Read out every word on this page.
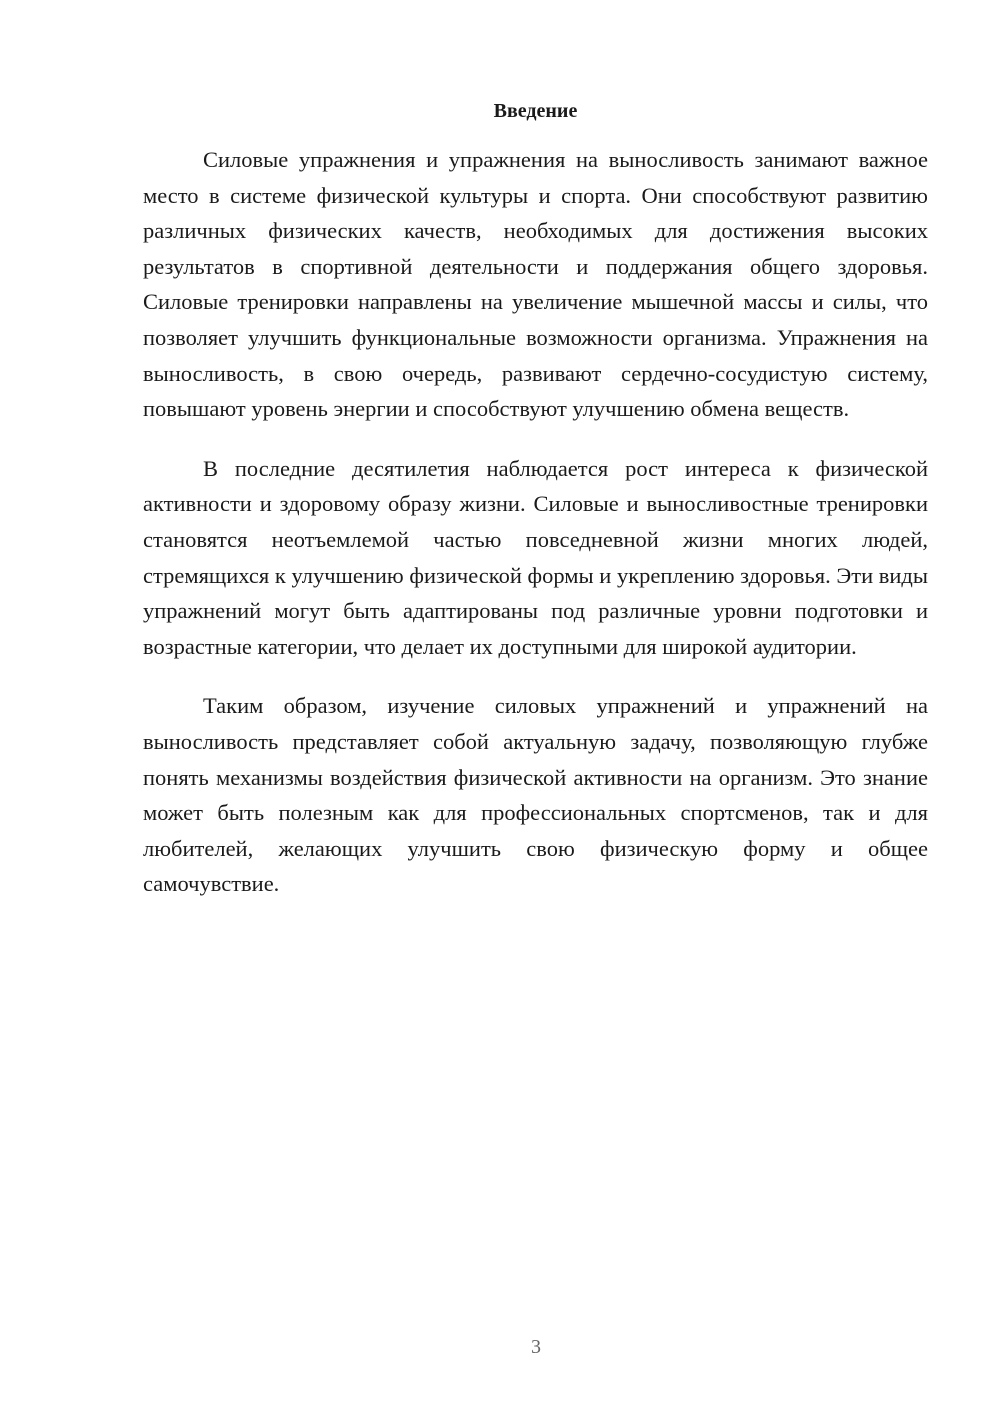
Введение

Силовые упражнения и упражнения на выносливость занимают важное место в системе физической культуры и спорта. Они способствуют развитию различных физических качеств, необходимых для достижения высоких результатов в спортивной деятельности и поддержания общего здоровья. Силовые тренировки направлены на увеличение мышечной массы и силы, что позволяет улучшить функциональные возможности организма. Упражнения на выносливость, в свою очередь, развивают сердечно-сосудистую систему, повышают уровень энергии и способствуют улучшению обмена веществ.

В последние десятилетия наблюдается рост интереса к физической активности и здоровому образу жизни. Силовые и выносливостные тренировки становятся неотъемлемой частью повседневной жизни многих людей, стремящихся к улучшению физической формы и укреплению здоровья. Эти виды упражнений могут быть адаптированы под различные уровни подготовки и возрастные категории, что делает их доступными для широкой аудитории.

Таким образом, изучение силовых упражнений и упражнений на выносливость представляет собой актуальную задачу, позволяющую глубже понять механизмы воздействия физической активности на организм. Это знание может быть полезным как для профессиональных спортсменов, так и для любителей, желающих улучшить свою физическую форму и общее самочувствие.

3
